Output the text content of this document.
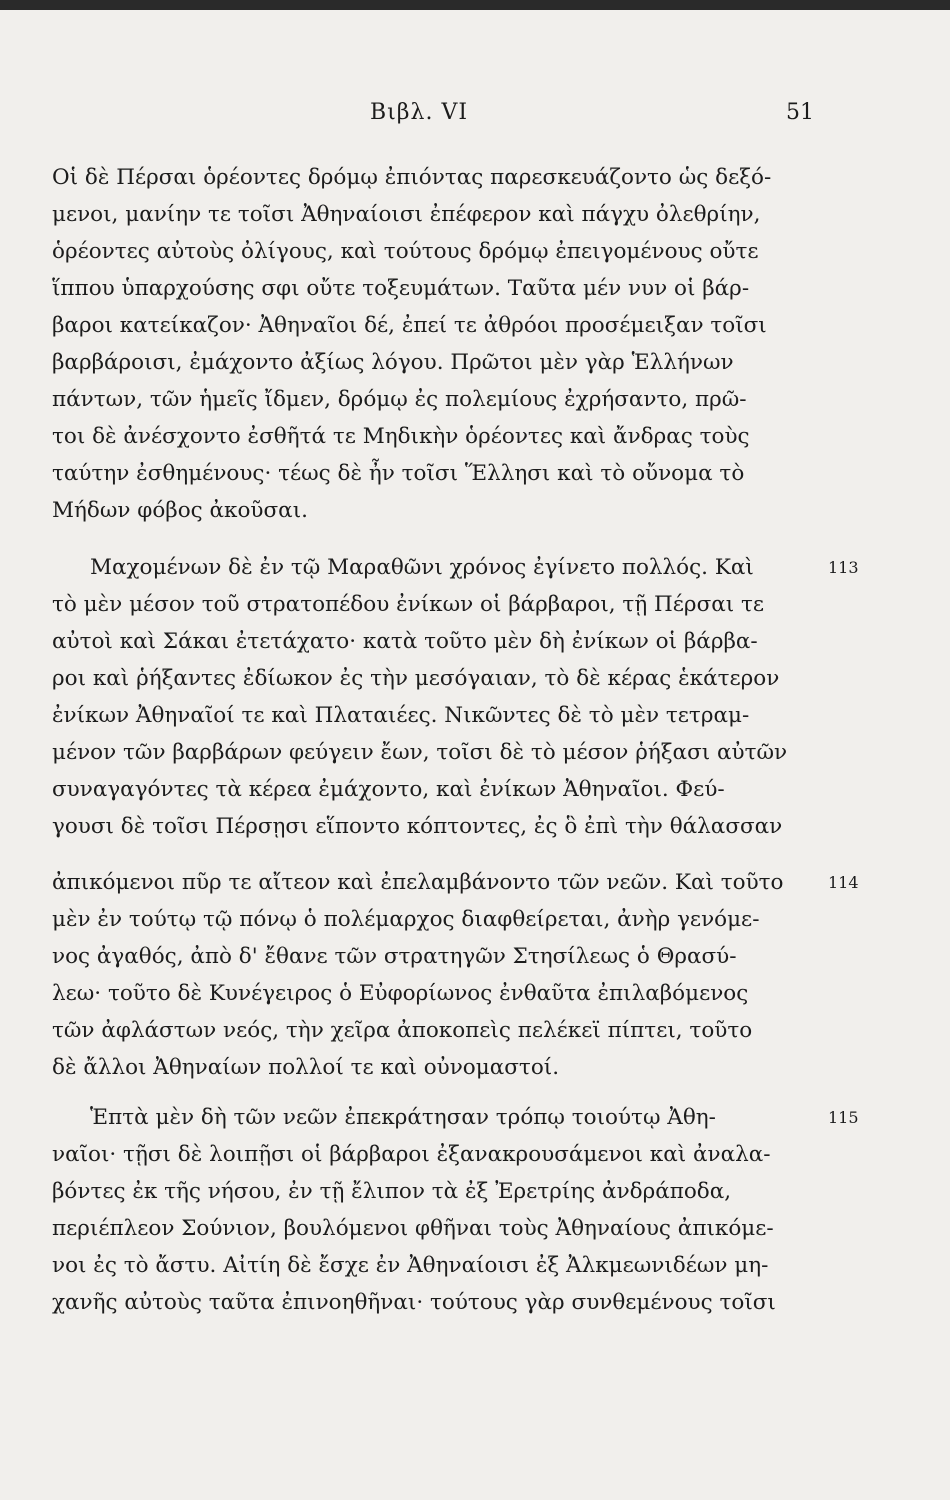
Βιβλ. VI	51
Οἱ δὲ Πέρσαι ὁρέοντες δρόμῳ ἐπιόντας παρεσκευάζοντο ὡς δεξό-
μενοι, μανίην τε τοῖσι Ἀθηναίοισι ἐπέφερον καὶ πάγχυ ὀλεθρίην,
ὁρέοντες αὐτοὺς ὀλίγους, καὶ τούτους δρόμῳ ἐπειγομένους οὔτε
ἵππου ὑπαρχούσης σφι οὔτε τοξευμάτων. Ταῦτα μέν νυν οἱ βάρ-
βαροι κατείκαζον· Ἀθηναῖοι δέ, ἐπεί τε ἀθρόοι προσέμειξαν τοῖσι
βαρβάροισι, ἐμάχοντο ἀξίως λόγου. Πρῶτοι μὲν γὰρ Ἑλλήνων
πάντων, τῶν ἡμεῖς ἴδμεν, δρόμῳ ἐς πολεμίους ἐχρήσαντο, πρῶ-
τοι δὲ ἀνέσχοντο ἐσθῆτά τε Μηδικὴν ὁρέοντες καὶ ἄνδρας τοὺς
ταύτην ἐσθημένους· τέως δὲ ἦν τοῖσι Ἕλλησι καὶ τὸ οὔνομα τὸ
Μήδων φόβος ἀκοῦσαι.
Μαχομένων δὲ ἐν τῷ Μαραθῶνι χρόνος ἐγίνετο πολλός. Καὶ	113
τὸ μὲν μέσον τοῦ στρατοπέδου ἐνίκων οἱ βάρβαροι, τῇ Πέρσαι τε
αὐτοὶ καὶ Σάκαι ἐτετάχατο· κατὰ τοῦτο μὲν δὴ ἐνίκων οἱ βάρβα-
ροι καὶ ῥήξαντες ἐδίωκον ἐς τὴν μεσόγαιαν, τὸ δὲ κέρας ἑκάτερον
ἐνίκων Ἀθηναῖοί τε καὶ Πλαταιέες. Νικῶντες δὲ τὸ μὲν τετραμ-
μένον τῶν βαρβάρων φεύγειν ἔων, τοῖσι δὲ τὸ μέσον ῥήξασι αὐτῶν
συναγαγόντες τὰ κέρεα ἐμάχοντο, καὶ ἐνίκων Ἀθηναῖοι. Φεύ-
γουσι δὲ τοῖσι Πέρσῃσι εἵποντο κόπτοντες, ἐς ὃ ἐπὶ τὴν θάλασσαν
ἀπικόμενοι πῦρ τε αἴτεον καὶ ἐπελαμβάνοντο τῶν νεῶν. Καὶ τοῦτο	114
μὲν ἐν τούτῳ τῷ πόνῳ ὁ πολέμαρχος διαφθείρεται, ἀνὴρ γενόμε-
νος ἀγαθός, ἀπὸ δ' ἔθανε τῶν στρατηγῶν Στησίλεως ὁ Θρασύ-
λεω· τοῦτο δὲ Κυνέγειρος ὁ Εὐφορίωνος ἐνθαῦτα ἐπιλαβόμενος
τῶν ἀφλάστων νεός, τὴν χεῖρα ἀποκοπεὶς πελέκεϊ πίπτει, τοῦτο
δὲ ἄλλοι Ἀθηναίων πολλοί τε καὶ οὐνομαστοί.
Ἑπτὰ μὲν δὴ τῶν νεῶν ἐπεκράτησαν τρόπῳ τοιούτῳ Ἀθη-	115
ναῖοι· τῇσι δὲ λοιπῇσι οἱ βάρβαροι ἐξανακρουσάμενοι καὶ ἀναλα-
βόντες ἐκ τῆς νήσου, ἐν τῇ ἔλιπον τὰ ἐξ Ἐρετρίης ἀνδράποδα,
περιέπλεον Σούνιον, βουλόμενοι φθῆναι τοὺς Ἀθηναίους ἀπικόμε-
νοι ἐς τὸ ἄστυ. Αἰτίη δὲ ἔσχε ἐν Ἀθηναίοισι ἐξ Ἀλκμεωνιδέων μη-
χανῆς αὐτοὺς ταῦτα ἐπινοηθῆναι· τούτους γὰρ συνθεμένους τοῖσι
